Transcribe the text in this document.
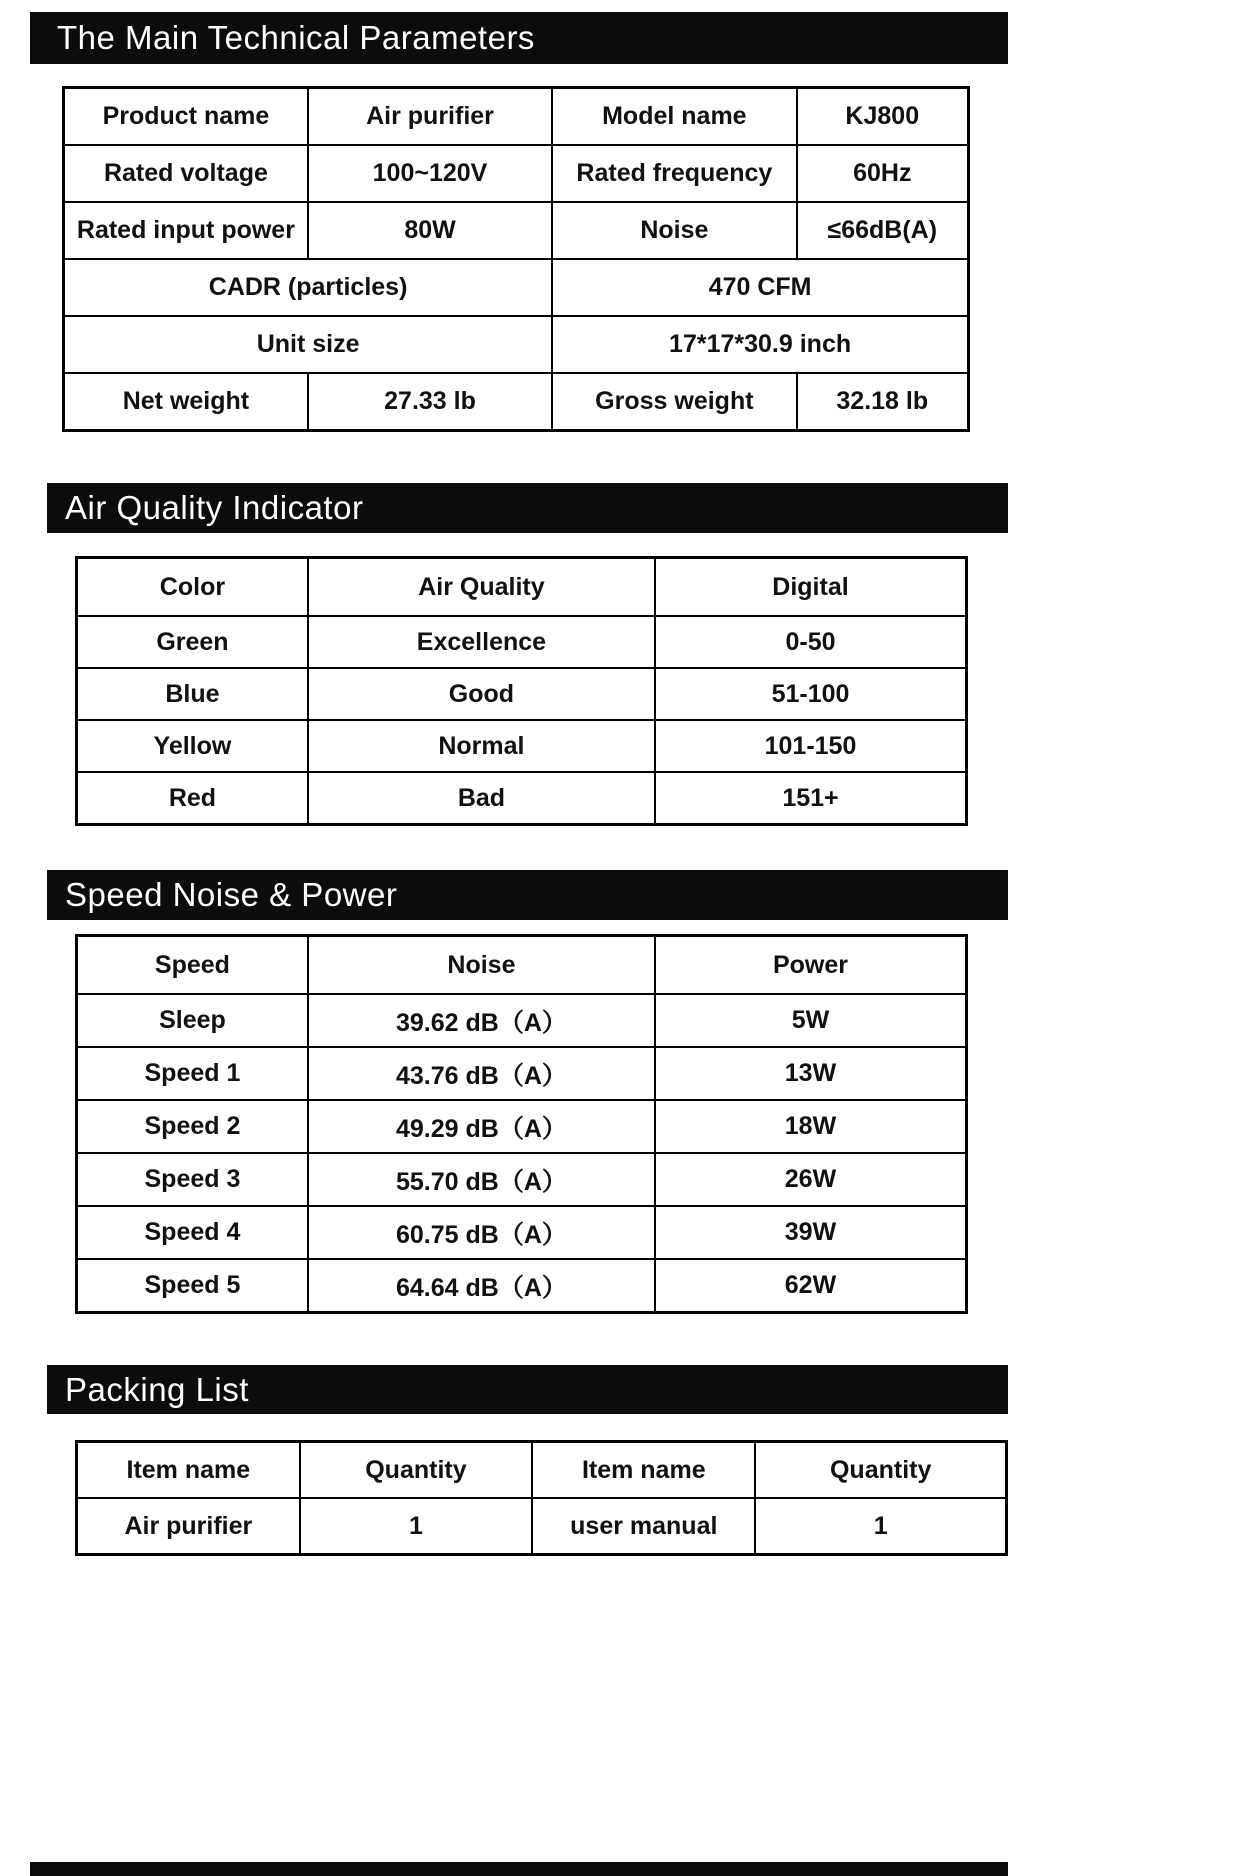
The Main Technical Parameters
Product name	Air purifier	Model name	KJ800
Rated voltage	100~120V	Rated frequency	60Hz
Rated input power	80W	Noise	≤66dB(A)
CADR (particles)		470 CFM	
Unit size		17*17*30.9 inch	
Net weight	27.33 lb	Gross weight	32.18 lb
Air Quality Indicator
Color	Air Quality	Digital
Green	Excellence	0-50
Blue	Good	51-100
Yellow	Normal	101-150
Red	Bad	151+
Speed Noise & Power
Speed	Noise	Power
Sleep	39.62 dB（A）	5W
Speed 1	43.76 dB（A）	13W
Speed 2	49.29 dB（A）	18W
Speed 3	55.70 dB（A）	26W
Speed 4	60.75 dB（A）	39W
Speed 5	64.64 dB（A）	62W
Packing List
Item name	Quantity	Item name	Quantity
Air purifier	1	user manual	1
